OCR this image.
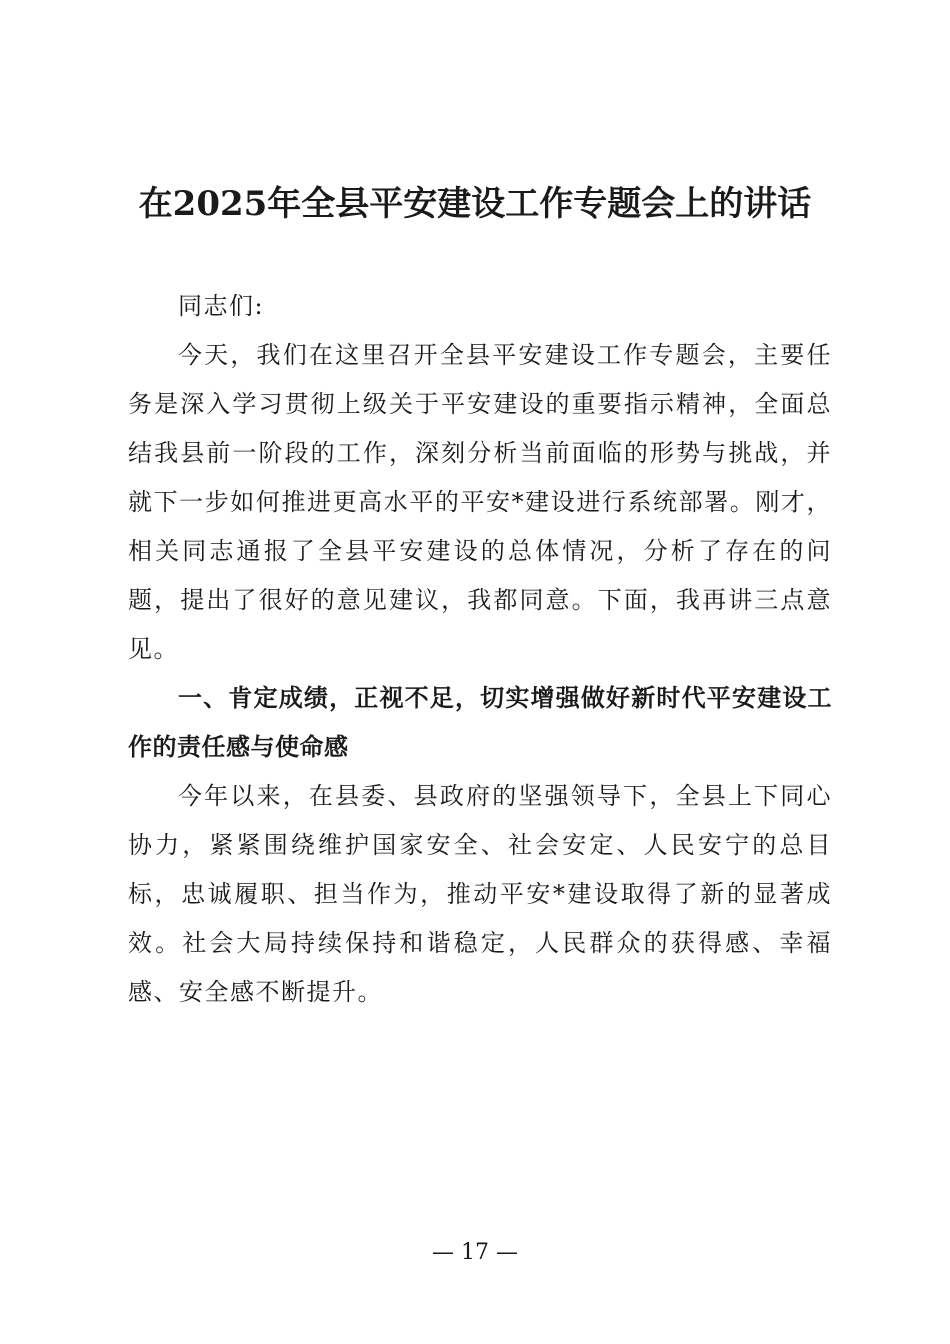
在2025年全县平安建设工作专题会上的讲话

同志们:

今天，我们在这里召开全县平安建设工作专题会，主要任务是深入学习贯彻上级关于平安建设的重要指示精神，全面总结我县前一阶段的工作，深刻分析当前面临的形势与挑战，并就下一步如何推进更高水平的平安*建设进行系统部署。刚才，相关同志通报了全县平安建设的总体情况，分析了存在的问题，提出了很好的意见建议，我都同意。下面，我再讲三点意见。

一、肯定成绩，正视不足，切实增强做好新时代平安建设工作的责任感与使命感

今年以来，在县委、县政府的坚强领导下，全县上下同心协力，紧紧围绕维护国家安全、社会安定、人民安宁的总目标，忠诚履职、担当作为，推动平安*建设取得了新的显著成效。社会大局持续保持和谐稳定，人民群众的获得感、幸福感、安全感不断提升。

— 17 —
